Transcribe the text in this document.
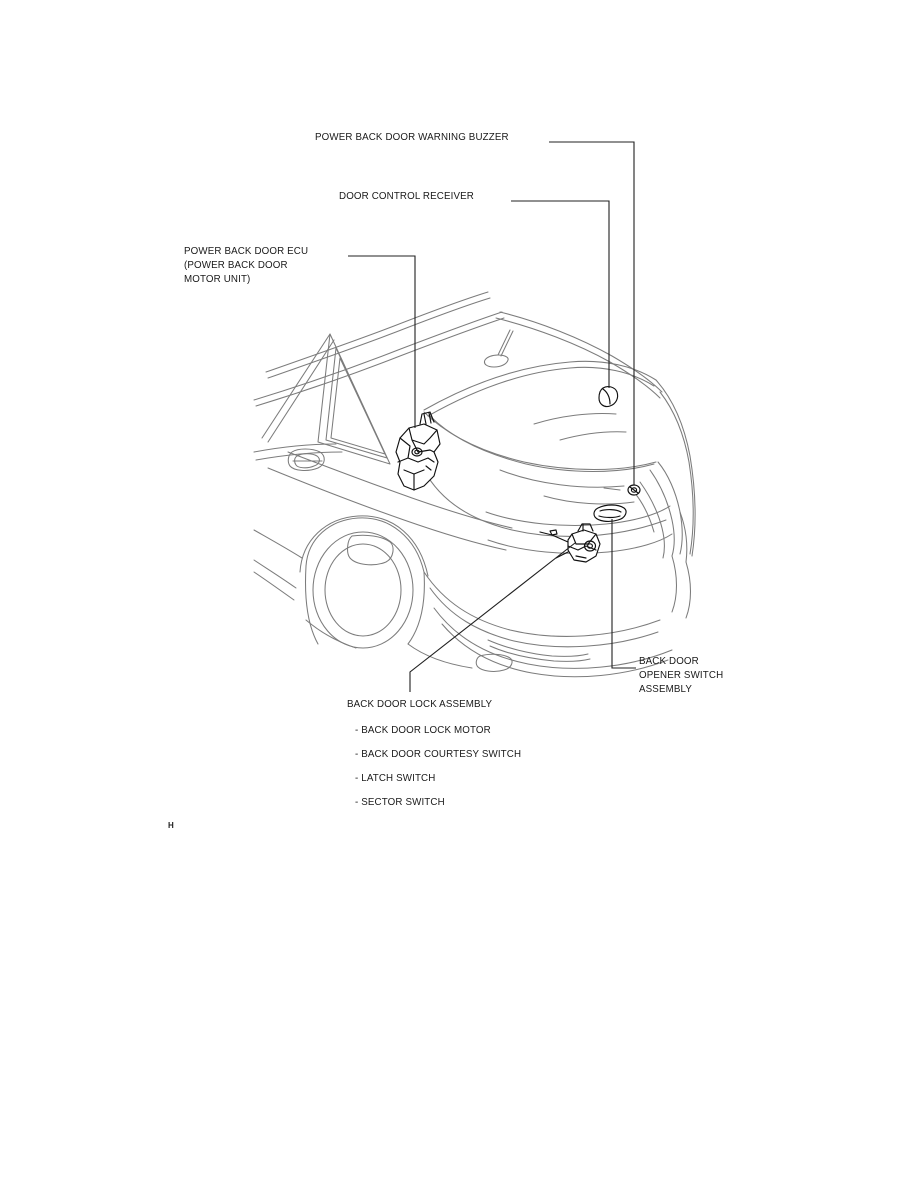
POWER BACK DOOR WARNING BUZZER
DOOR CONTROL RECEIVER
POWER BACK DOOR ECU
(POWER BACK DOOR
MOTOR UNIT)
BACK DOOR
OPENER SWITCH
ASSEMBLY
BACK DOOR LOCK ASSEMBLY
- BACK DOOR LOCK MOTOR
- BACK DOOR COURTESY SWITCH
- LATCH SWITCH
- SECTOR SWITCH
H
